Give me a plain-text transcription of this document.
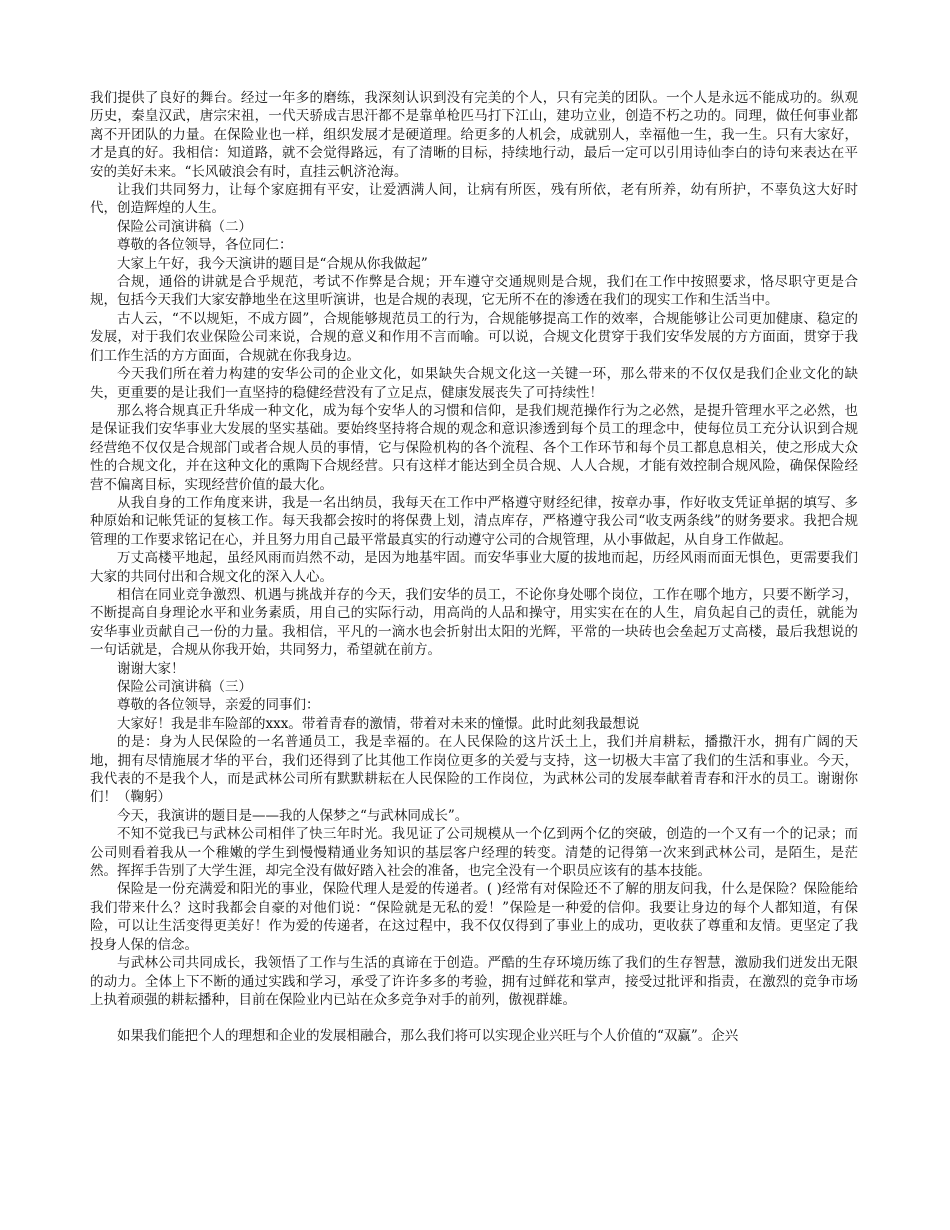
我们提供了良好的舞台。经过一年多的磨练，我深刻认识到没有完美的个人，只有完美的团队。一个人是永远不能成功的。纵观历史，秦皇汉武，唐宗宋祖，一代天骄成吉思汗都不是靠单枪匹马打下江山，建功立业，创造不朽之功的。同理，做任何事业都离不开团队的力量。在保险业也一样，组织发展才是硬道理。给更多的人机会，成就别人，幸福他一生，我一生。只有大家好，才是真的好。我相信：知道路，就不会觉得路远，有了清晰的目标，持续地行动，最后一定可以引用诗仙李白的诗句来表达在平安的美好未来。“长风破浪会有时，直挂云帆济沧海。

让我们共同努力，让每个家庭拥有平安，让爱洒满人间，让病有所医，残有所依，老有所养，幼有所护，不辜负这大好时代，创造辉煌的人生。

保险公司演讲稿（二）

尊敬的各位领导，各位同仁：

大家上午好，我今天演讲的题目是“合规从你我做起”

合规，通俗的讲就是合乎规范，考试不作弊是合规；开车遵守交通规则是合规，我们在工作中按照要求，恪尽职守更是合规，包括今天我们大家安静地坐在这里听演讲，也是合规的表现，它无所不在的渗透在我们的现实工作和生活当中。

古人云，“不以规矩，不成方圆”，合规能够规范员工的行为，合规能够提高工作的效率，合规能够让公司更加健康、稳定的发展，对于我们农业保险公司来说，合规的意义和作用不言而喻。可以说，合规文化贯穿于我们安华发展的方方面面，贯穿于我们工作生活的方方面面，合规就在你我身边。

今天我们所在着力构建的安华公司的企业文化，如果缺失合规文化这一关键一环，那么带来的不仅仅是我们企业文化的缺失，更重要的是让我们一直坚持的稳健经营没有了立足点，健康发展丧失了可持续性！

那么将合规真正升华成一种文化，成为每个安华人的习惯和信仰，是我们规范操作行为之必然，是提升管理水平之必然，也是保证我们安华事业大发展的坚实基础。要始终坚持将合规的观念和意识渗透到每个员工的理念中，使每位员工充分认识到合规经营绝不仅仅是合规部门或者合规人员的事情，它与保险机构的各个流程、各个工作环节和每个员工都息息相关，使之形成大众性的合规文化，并在这种文化的熏陶下合规经营。只有这样才能达到全员合规、人人合规，才能有效控制合规风险，确保保险经营不偏离目标，实现经营价值的最大化。

从我自身的工作角度来讲，我是一名出纳员，我每天在工作中严格遵守财经纪律，按章办事，作好收支凭证单据的填写、多种原始和记帐凭证的复核工作。每天我都会按时的将保费上划，清点库存，严格遵守我公司“收支两条线”的财务要求。我把合规管理的工作要求铭记在心，并且努力用自己最平常最真实的行动遵守公司的合规管理，从小事做起，从自身工作做起。

万丈高楼平地起，虽经风雨而岿然不动，是因为地基牢固。而安华事业大厦的拔地而起，历经风雨而面无惧色，更需要我们大家的共同付出和合规文化的深入人心。

相信在同业竞争激烈、机遇与挑战并存的今天，我们安华的员工，不论你身处哪个岗位，工作在哪个地方，只要不断学习，不断提高自身理论水平和业务素质，用自己的实际行动，用高尚的人品和操守，用实实在在的人生，肩负起自己的责任，就能为安华事业贡献自己一份的力量。我相信，平凡的一滴水也会折射出太阳的光辉，平常的一块砖也会垒起万丈高楼，最后我想说的一句话就是，合规从你我开始，共同努力，希望就在前方。

谢谢大家！

保险公司演讲稿（三）

尊敬的各位领导，亲爱的同事们：

大家好！我是非车险部的xxx。带着青春的激情，带着对未来的憧憬。此时此刻我最想说

的是：身为人民保险的一名普通员工，我是幸福的。在人民保险的这片沃土上，我们并肩耕耘，播撒汗水，拥有广阔的天地，拥有尽情施展才华的平台，我们还得到了比其他工作岗位更多的关爱与支持，这一切极大丰富了我们的生活和事业。今天，我代表的不是我个人，而是武林公司所有默默耕耘在人民保险的工作岗位，为武林公司的发展奉献着青春和汗水的员工。谢谢你们！（鞠躬）

今天，我演讲的题目是——我的人保梦之“与武林同成长”。

不知不觉我已与武林公司相伴了快三年时光。我见证了公司规模从一个亿到两个亿的突破，创造的一个又有一个的记录；而公司则看着我从一个稚嫩的学生到慢慢精通业务知识的基层客户经理的转变。清楚的记得第一次来到武林公司，是陌生，是茫然。挥挥手告别了大学生涯，却完全没有做好踏入社会的准备，也完全没有一个职员应该有的基本技能。

保险是一份充满爱和阳光的事业，保险代理人是爱的传递者。( )经常有对保险还不了解的朋友问我，什么是保险？保险能给我们带来什么？这时我都会自豪的对他们说：“保险就是无私的爱！”保险是一种爱的信仰。我要让身边的每个人都知道，有保险，可以让生活变得更美好！作为爱的传递者，在这过程中，我不仅仅得到了事业上的成功，更收获了尊重和友情。更坚定了我投身人保的信念。

与武林公司共同成长，我领悟了工作与生活的真谛在于创造。严酷的生存环境历练了我们的生存智慧，激励我们迸发出无限的动力。全体上下不断的通过实践和学习，承受了许许多多的考验，拥有过鲜花和掌声，接受过批评和指责，在激烈的竞争市场上执着顽强的耕耘播种，目前在保险业内已站在众多竞争对手的前列，傲视群雄。

如果我们能把个人的理想和企业的发展相融合，那么我们将可以实现企业兴旺与个人价值的“双赢”。企兴
